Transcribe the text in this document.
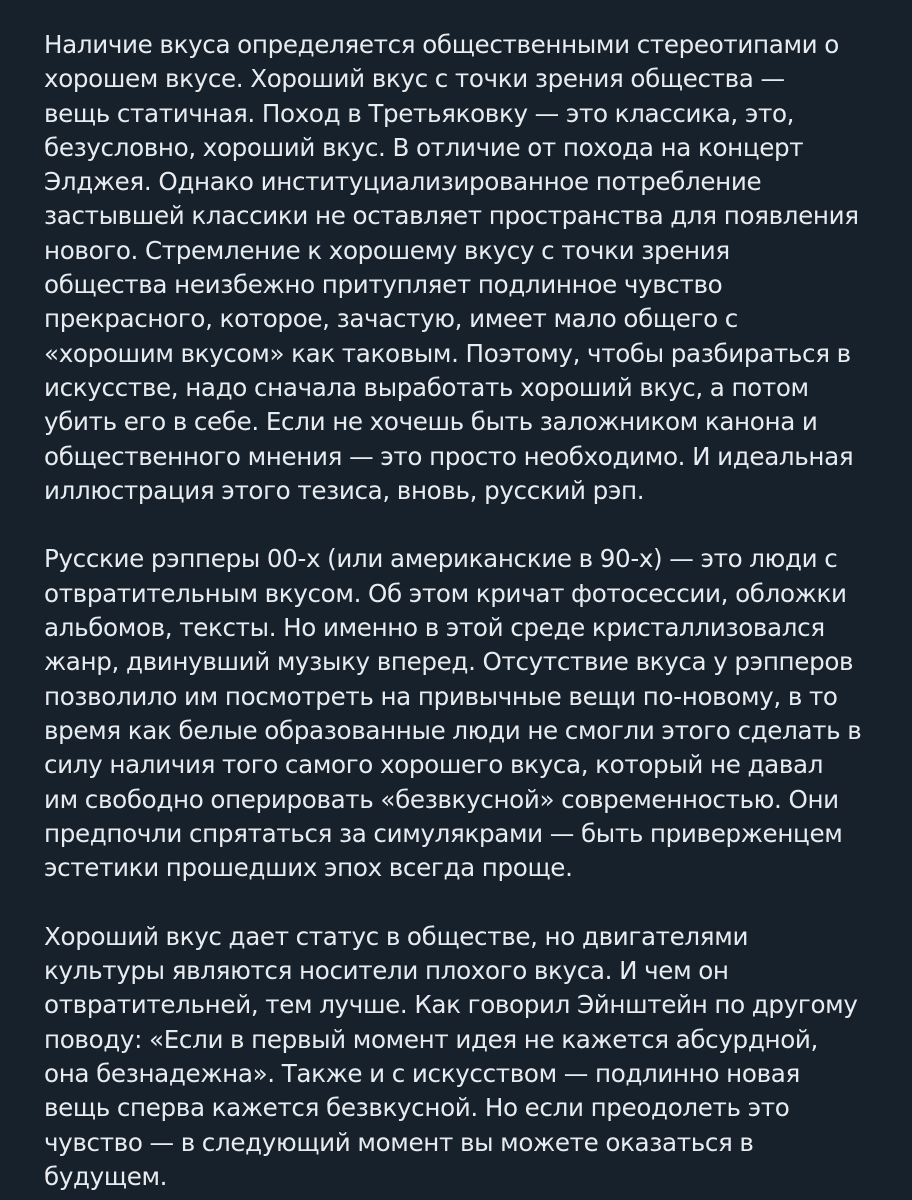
Наличие вкуса определяется общественными стереотипами о
хорошем вкусе. Хороший вкус с точки зрения общества —
вещь статичная. Поход в Третьяковку — это классика, это,
безусловно, хороший вкус. В отличие от похода на концерт
Элджея. Однако институциализированное потребление
застывшей классики не оставляет пространства для появления
нового. Стремление к хорошему вкусу с точки зрения
общества неизбежно притупляет подлинное чувство
прекрасного, которое, зачастую, имеет мало общего с
«хорошим вкусом» как таковым. Поэтому, чтобы разбираться в
искусстве, надо сначала выработать хороший вкус, а потом
убить его в себе. Если не хочешь быть заложником канона и
общественного мнения — это просто необходимо. И идеальная
иллюстрация этого тезиса, вновь, русский рэп.

Русские рэпперы 00-х (или американские в 90-х) — это люди с
отвратительным вкусом. Об этом кричат фотосессии, обложки
альбомов, тексты. Но именно в этой среде кристаллизовался
жанр, двинувший музыку вперед. Отсутствие вкуса у рэпперов
позволило им посмотреть на привычные вещи по-новому, в то
время как белые образованные люди не смогли этого сделать в
силу наличия того самого хорошего вкуса, который не давал
им свободно оперировать «безвкусной» современностью. Они
предпочли спрятаться за симулякрами — быть приверженцем
эстетики прошедших эпох всегда проще.

Хороший вкус дает статус в обществе, но двигателями
культуры являются носители плохого вкуса. И чем он
отвратительней, тем лучше. Как говорил Эйнштейн по другому
поводу: «Если в первый момент идея не кажется абсурдной,
она безнадежна». Также и с искусством — подлинно новая
вещь сперва кажется безвкусной. Но если преодолеть это
чувство — в следующий момент вы можете оказаться в
будущем.
